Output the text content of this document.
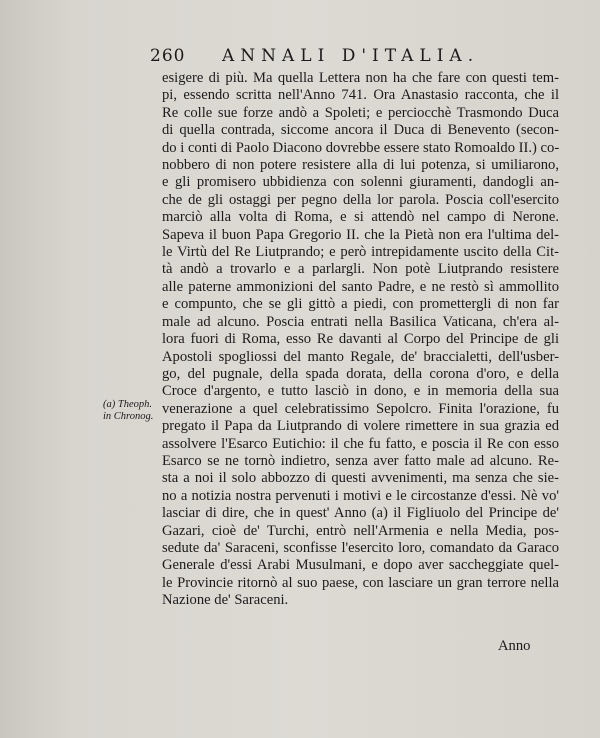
260 ANNALI D'ITALIA.
esigere di più. Ma quella Lettera non ha che fare con questi tem-
pi, essendo scritta nell'Anno 741. Ora Anastasio racconta, che il
Re colle sue forze andò a Spoleti; e perciocchè Trasmondo Duca
di quella contrada, siccome ancora il Duca di Benevento (secon-
do i conti di Paolo Diacono dovrebbe essere stato Romoaldo II.) co-
nobbero di non potere resistere alla di lui potenza, si umiliarono,
e gli promisero ubbidienza con solenni giuramenti, dandogli an-
che de gli ostaggi per pegno della lor parola. Poscia coll'esercito
marciò alla volta di Roma, e si attendò nel campo di Nerone.
Sapeva il buon Papa Gregorio II. che la Pietà non era l'ultima del-
le Virtù del Re Liutprando; e però intrepidamente uscito della Cit-
tà andò a trovarlo e a parlargli. Non potè Liutprando resistere
alle paterne ammonizioni del santo Padre, e ne restò sì ammollito
e compunto, che se gli gittò a piedi, con promettergli di non far
male ad alcuno. Poscia entrati nella Basilica Vaticana, ch'era al-
lora fuori di Roma, esso Re davanti al Corpo del Principe de gli
Apostoli spogliossi del manto Regale, de' braccialetti, dell'usber-
go, del pugnale, della spada dorata, della corona d'oro, e della
Croce d'argento, e tutto lasciò in dono, e in memoria della sua
venerazione a quel celebratissimo Sepolcro. Finita l'orazione, fu
pregato il Papa da Liutprando di volere rimettere in sua grazia ed
assolvere l'Esarco Eutichio: il che fu fatto, e poscia il Re con esso
Esarco se ne tornò indietro, senza aver fatto male ad alcuno. Re-
sta a noi il solo abbozzo di questi avvenimenti, ma senza che sie-
no a notizia nostra pervenuti i motivi e le circostanze d'essi. Nè vo'
lasciar di dire, che in quest' Anno (a) il Figliuolo del Principe de'
Gazari, cioè de' Turchi, entrò nell'Armenia e nella Media, pos-
sedute da' Saraceni, sconfisse l'esercito loro, comandato da Garaco
Generale d'essi Arabi Musulmani, e dopo aver saccheggiate quel-
le Provincie ritornò al suo paese, con lasciare un gran terrore nella
Nazione de' Saraceni.
(a) Theoph.
in Chronog.
Anno
